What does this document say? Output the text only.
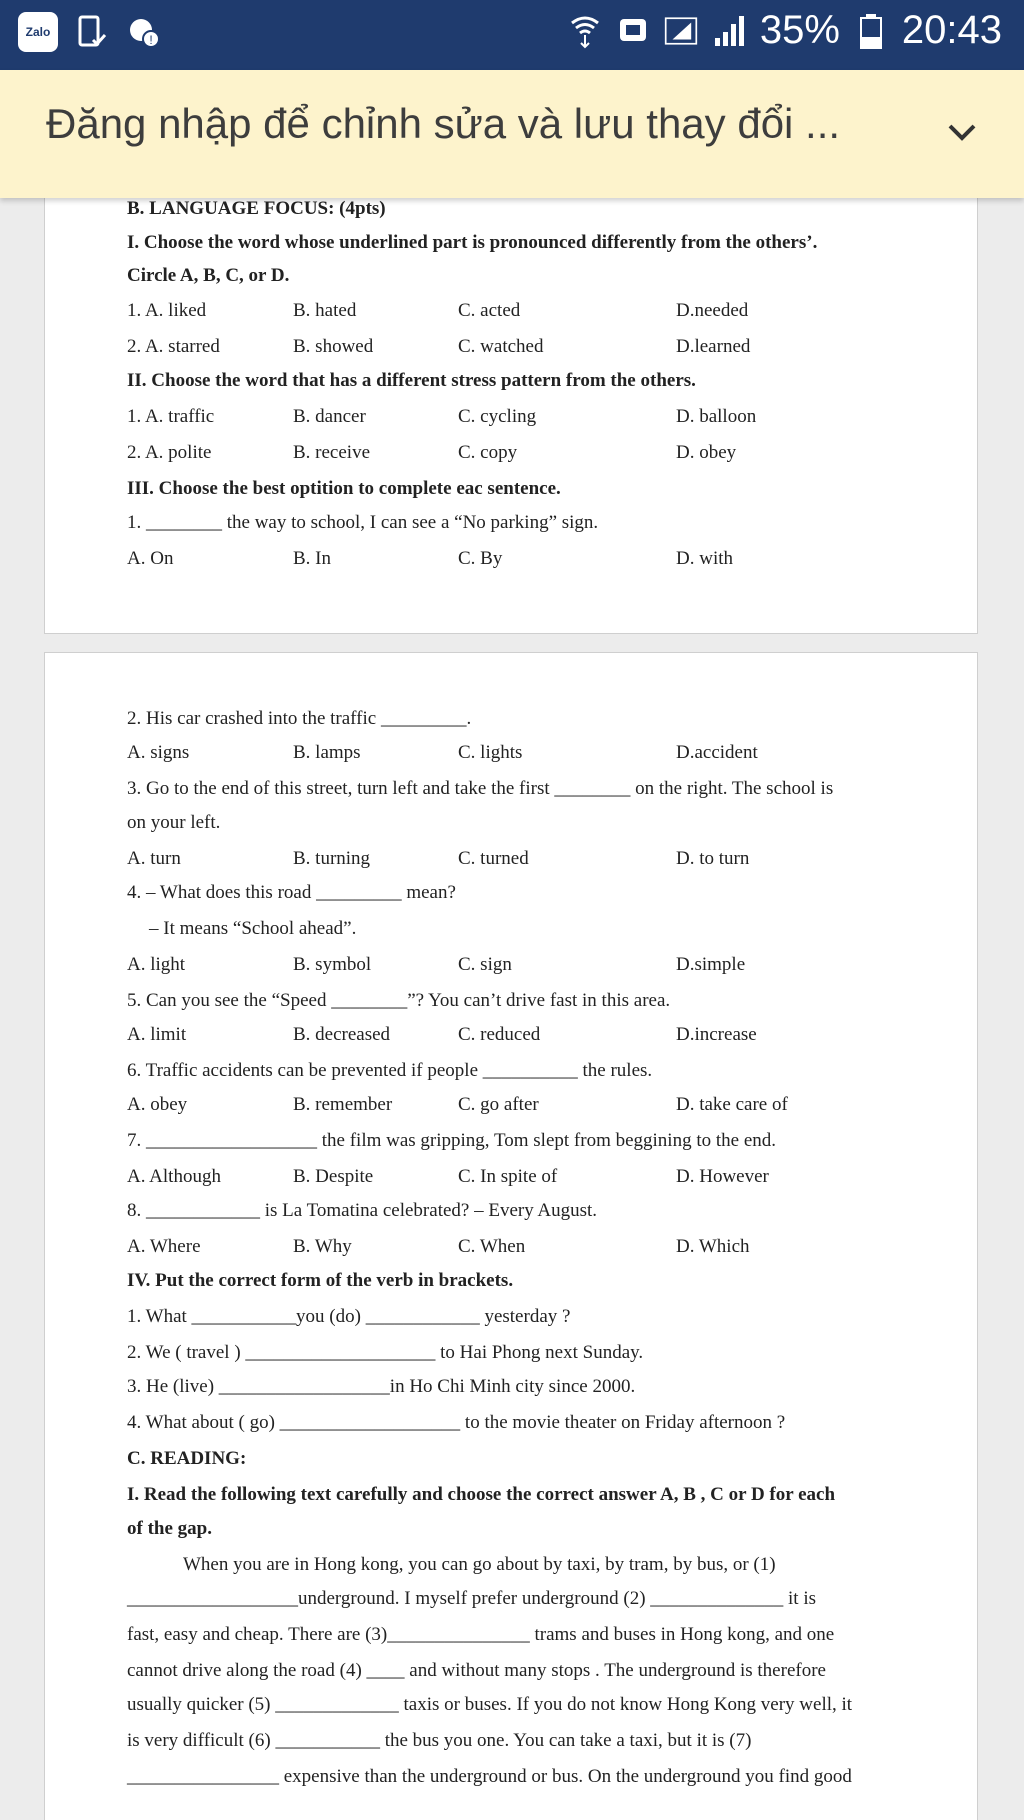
Zalo
!	35% 20:43
Đăng nhập để chỉnh sửa và lưu thay đổi ...
B. LANGUAGE FOCUS: (4pts)
I. Choose the word whose underlined part is pronounced differently from the others’.
Circle A, B, C, or D.
1. A. liked	B. hated	C. acted	D.needed
2. A. starred	B. showed	C. watched	D.learned
II. Choose the word that has a different stress pattern from the others.
1. A. traffic	B. dancer	C. cycling	D. balloon
2. A. polite	B. receive	C. copy	D. obey
III. Choose the best optition to complete eac sentence.
1. ________ the way to school, I can see a “No parking” sign.
A. On	B. In	C. By	D. with
2. His car crashed into the traffic _________.
A. signs	B. lamps	C. lights	D.accident
3. Go to the end of this street, turn left and take the first ________ on the right. The school is
on your left.
A. turn	B. turning	C. turned	D. to turn
4. – What does this road _________ mean?
– It means “School ahead”.
A. light	B. symbol	C. sign	D.simple
5. Can you see the “Speed ________”? You can’t drive fast in this area.
A. limit	B. decreased	C. reduced	D.increase
6. Traffic accidents can be prevented if people __________ the rules.
A. obey	B. remember	C. go after	D. take care of
7. __________________ the film was gripping, Tom slept from beggining to the end.
A. Although	B. Despite	C. In spite of	D. However
8. ____________ is La Tomatina celebrated? – Every August.
A. Where	B. Why	C. When	D. Which
IV. Put the correct form of the verb in brackets.
1. What ___________you (do) ____________ yesterday ?
2. We ( travel ) ____________________ to Hai Phong next Sunday.
3. He (live) __________________in Ho Chi Minh city since 2000.
4. What about ( go) ___________________ to the movie theater on Friday afternoon ?
C. READING:
I. Read the following text carefully and choose the correct answer A, B , C or D for each
of the gap.
When you are in Hong kong, you can go about by taxi, by tram, by bus, or (1)
__________________underground. I myself prefer underground (2) ______________ it is
fast, easy and cheap. There are (3)_______________ trams and buses in Hong kong, and one
cannot drive along the road (4) ____ and without many stops . The underground is therefore
usually quicker (5) _____________ taxis or buses. If you do not know Hong Kong very well, it
is very difficult (6) ___________ the bus you one. You can take a taxi, but it is (7)
________________ expensive than the underground or bus. On the underground you find good
